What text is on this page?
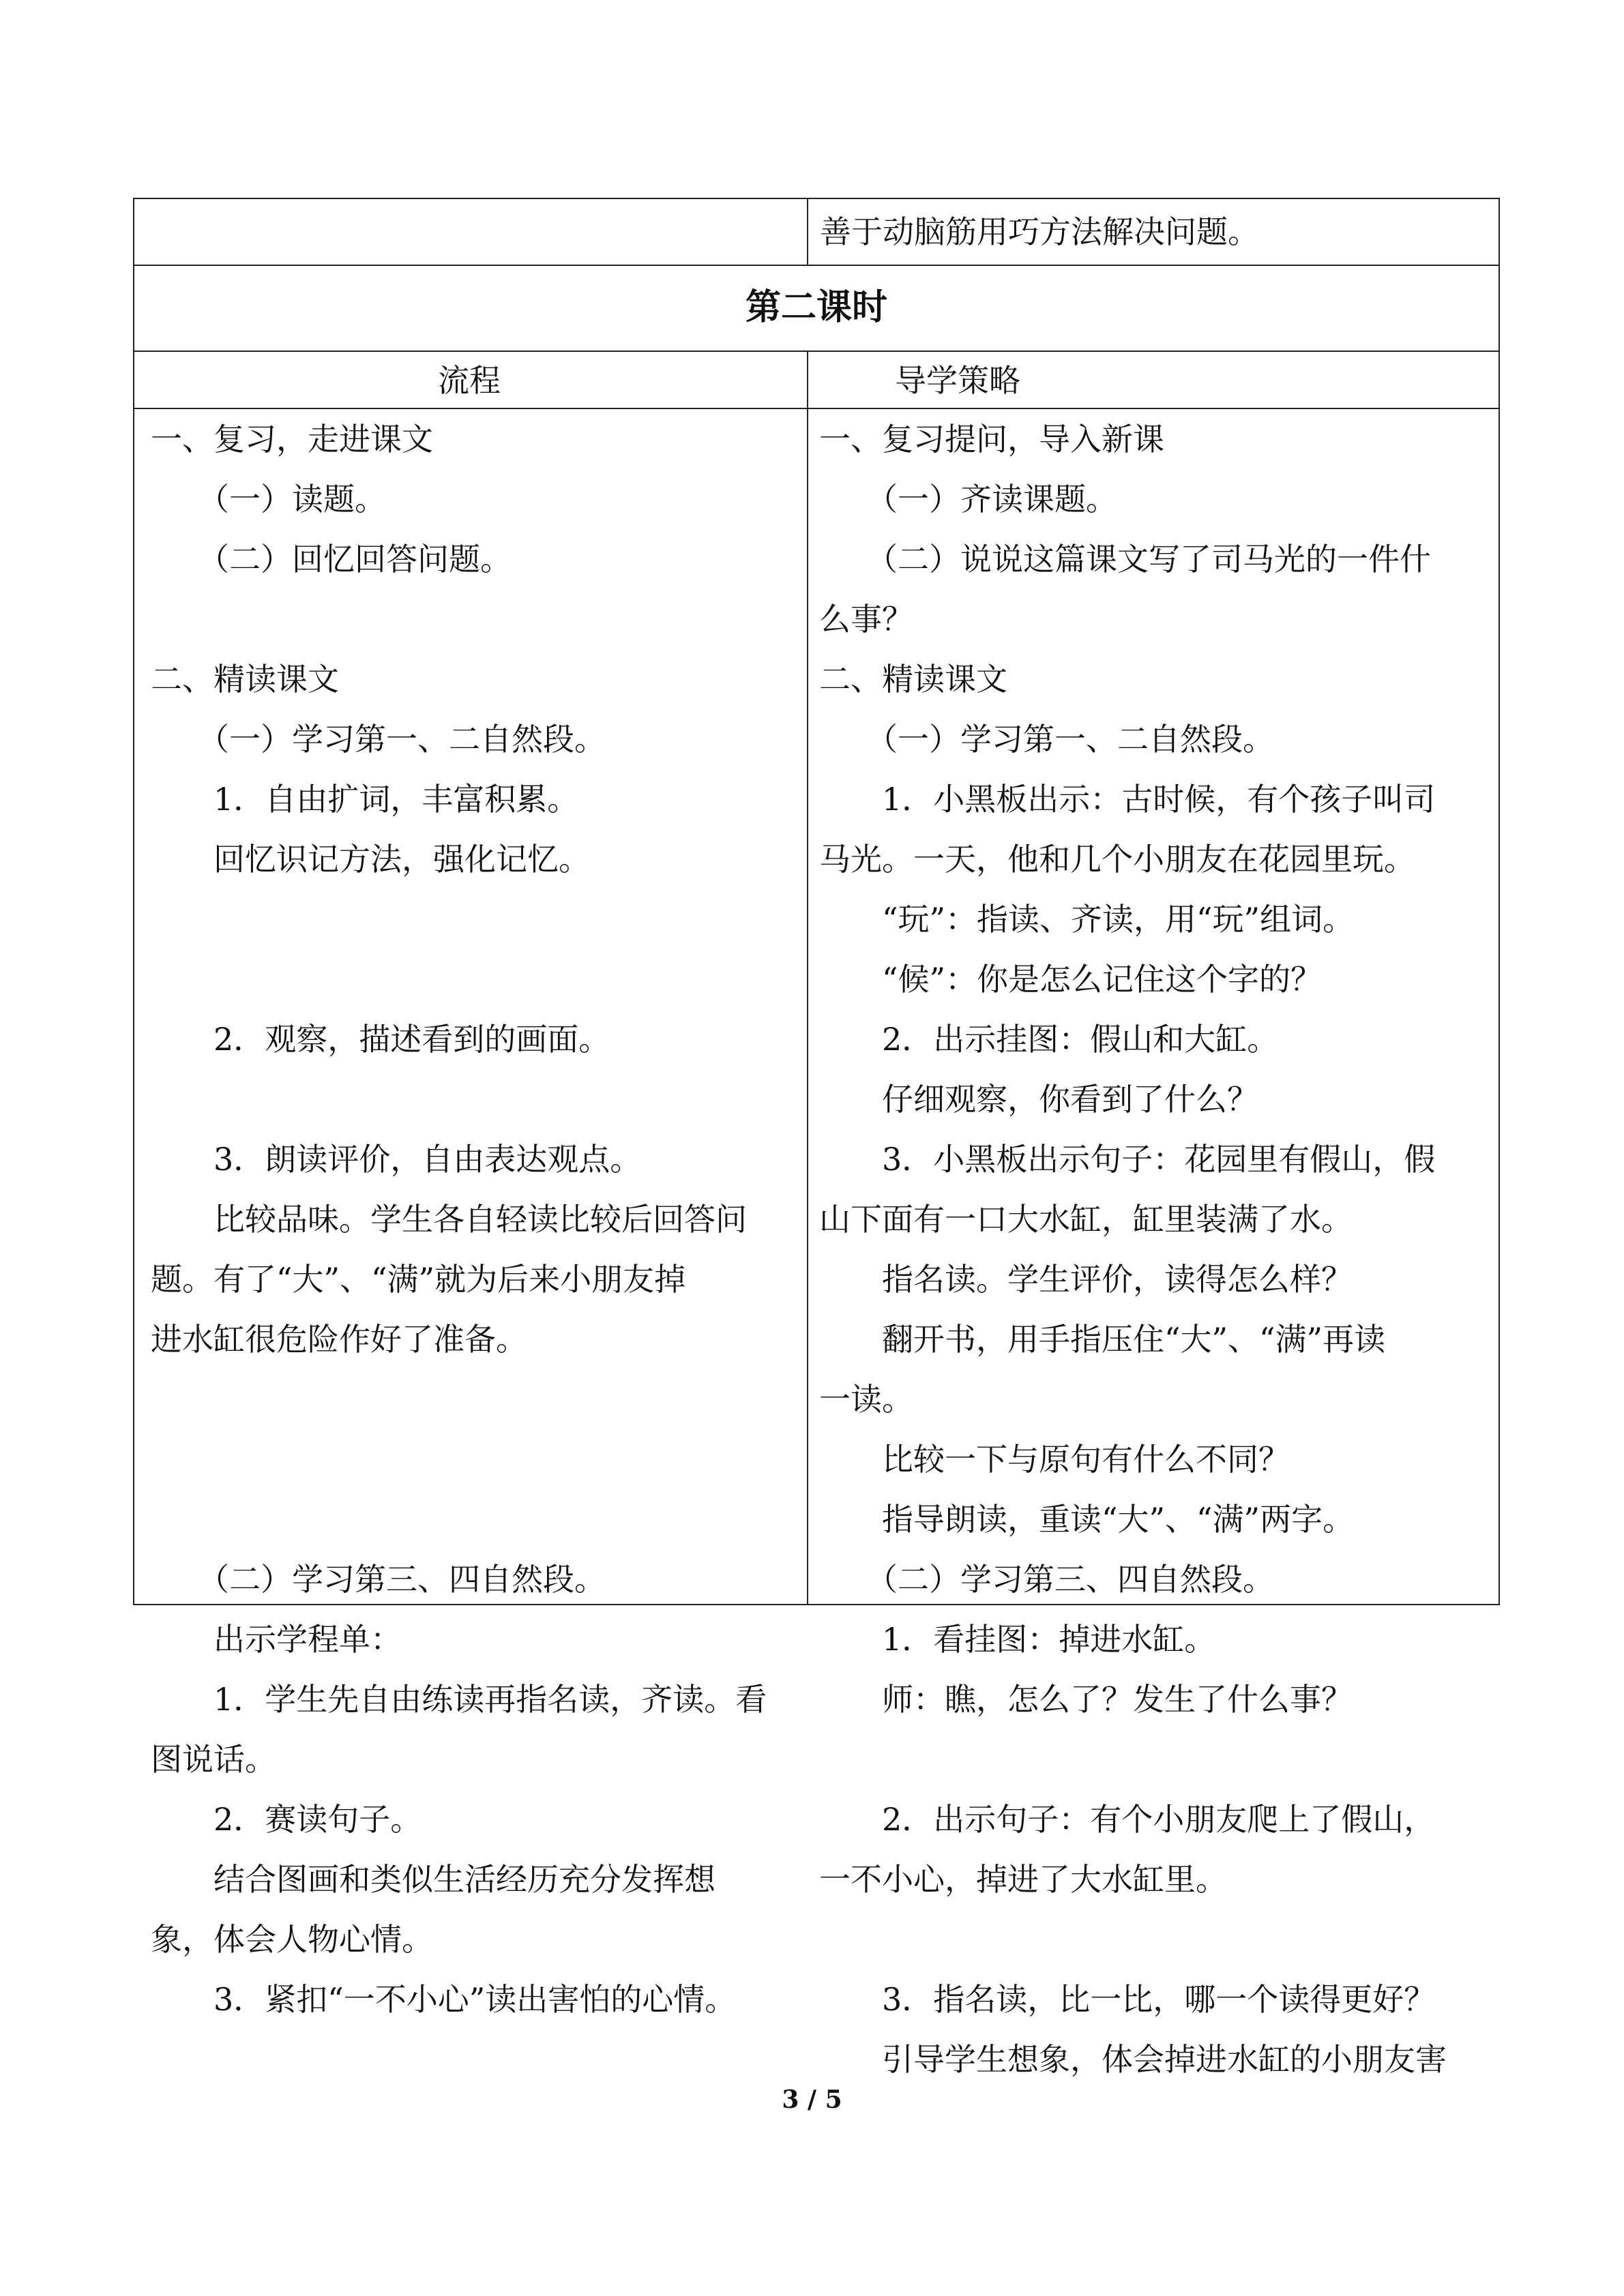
善于动脑筋用巧方法解决问题。
第二课时
流程	导学策略
一、复习，走进课文
　　（一）读题。
　　（二）回忆回答问题。
二、精读课文
　　（一）学习第一、二自然段。
　　1．自由扩词，丰富积累。
　　回忆识记方法，强化记忆。
　　2．观察，描述看到的画面。
　　3．朗读评价，自由表达观点。
　　比较品味。学生各自轻读比较后回答问
题。有了“大”、“满”就为后来小朋友掉
进水缸很危险作好了准备。
　　（二）学习第三、四自然段。
　　出示学程单：
　　1．学生先自由练读再指名读，齐读。看
图说话。
　　2．赛读句子。
　　结合图画和类似生活经历充分发挥想
象，体会人物心情。
　　3．紧扣“一不小心”读出害怕的心情。
一、复习提问，导入新课
　　（一）齐读课题。
　　（二）说说这篇课文写了司马光的一件什
么事？
二、精读课文
　　（一）学习第一、二自然段。
　　1．小黑板出示：古时候，有个孩子叫司
马光。一天，他和几个小朋友在花园里玩。
　　“玩”：指读、齐读，用“玩”组词。
　　“候”：你是怎么记住这个字的？
　　2．出示挂图：假山和大缸。
　　仔细观察，你看到了什么？
　　3．小黑板出示句子：花园里有假山，假
山下面有一口大水缸，缸里装满了水。
　　指名读。学生评价，读得怎么样？
　　翻开书，用手指压住“大”、“满”再读
一读。
　　比较一下与原句有什么不同？
　　指导朗读，重读“大”、“满”两字。
　　（二）学习第三、四自然段。
　　1．看挂图：掉进水缸。
　　师：瞧，怎么了？发生了什么事？
　　2．出示句子：有个小朋友爬上了假山，
一不小心，掉进了大水缸里。
　　3．指名读，比一比，哪一个读得更好？
　　引导学生想象，体会掉进水缸的小朋友害
3 / 5
